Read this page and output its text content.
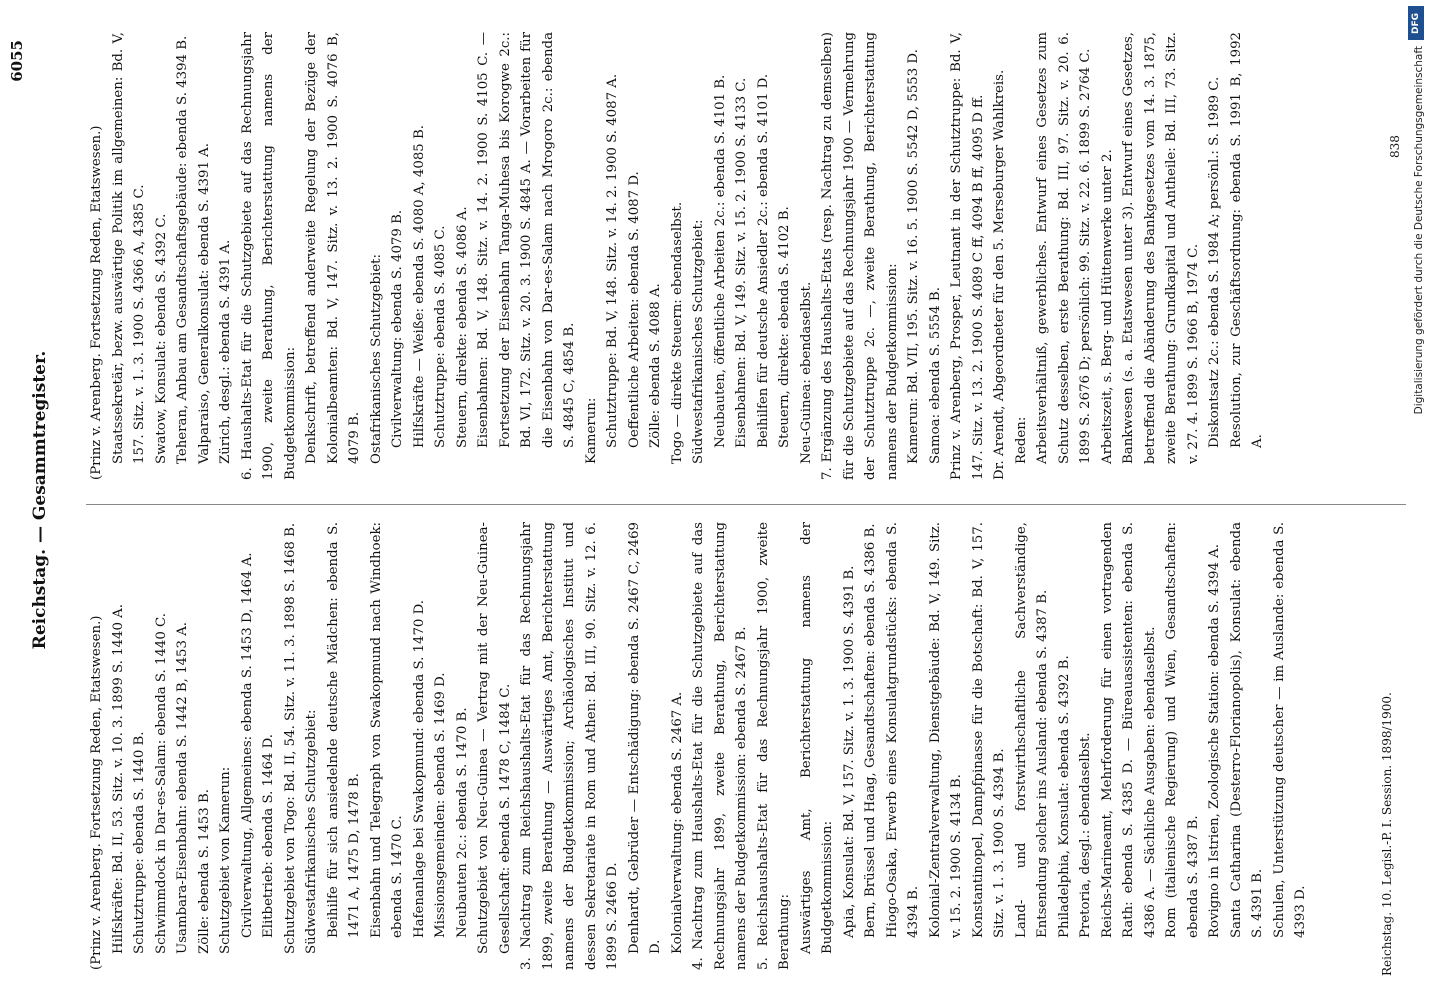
Reichstag. — Gesammtregister.
6055

(Prinz v. Arenberg. Fortsetzung Reden, Etatswesen.) Hilfskräfte: Bd. II, 53. Sitz. v. 10. 3. 1899 S. 1440 A. Schutztruppe: ebenda S. 1440 B. Schwimmdock in Dar-es-Salam: ebenda S. 1440 C. Usambara-Eisenbahn: ebenda S. 1442 B, 1453 A. Zölle: ebenda S. 1453 B. Schutzgebiet von Kamerun: Civilverwaltung, Allgemeines: ebenda S. 1453 D, 1464 A. Elitbetrieb: ebenda S. 1464 D. Schutzgebiet von Togo: Bd. II, 54. Sitz. v. 11. 3. 1898 S. 1468 B. Südwestafrikanisches Schutzgebiet: Beihilfe für sich ansiedelnde deutsche Mädchen: ebenda S. 1471 A, 1475 D, 1478 B. Eisenbahn und Telegraph von Swakopmund nach Windhoek: ebenda S. 1470 C. Hafenanlage bei Swakopmund: ebenda S. 1470 D. Missionsgemeinden: ebenda S. 1469 D. Neubauten 2c.: ebenda S. 1470 B. Schutzgebiet von Neu-Guinea — Vertrag mit der Neu-Guinea-Gesellschaft: ebenda S. 1478 C, 1484 C. 3. Nachtrag zum Reichshaushalts-Etat für das Rechnungsjahr 1899, zweite Berathung — Auswärtiges Amt, Berichterstattung namens der Budgetkommission; Archäologisches Institut und dessen Sekretariate in Rom und Athen: Bd. III, 90. Sitz. v. 12. 6. 1899 S. 2466 D. Denhardt, Gebrüder — Entschädigung: ebenda S. 2467 C, 2469 D. Kolonialverwaltung: ebenda S. 2467 A. 4. Nachtrag zum Haushalts-Etat für die Schutzgebiete auf das Rechnungsjahr 1899, zweite Berathung, Berichterstattung namens der Budgetkommission: ebenda S. 2467 B. 5. Reichshaushalts-Etat für das Rechnungsjahr 1900, zweite Berathung: Auswärtiges Amt, Berichterstattung namens der Budgetkommission: Apia, Konsulat: Bd. V, 157. Sitz. v. 1. 3. 1900 S. 4391 B. Bern, Brüssel und Haag, Gesandtschaften: ebenda S. 4386 B. Hiogo-Osaka, Erwerb eines Konsulatgrundstücks: ebenda S. 4394 B. Kolonial-Zentralverwaltung, Dienstgebäude: Bd. V, 149. Sitz. v. 15. 2. 1900 S. 4134 B. Konstantinopel, Dampfpinasse für die Botschaft: Bd. V, 157. Sitz. v. 1. 3. 1900 S. 4394 B. Land- und forstwirthschaftliche Sachverständige, Entsendung solcher ins Ausland: ebenda S. 4387 B. Philadelphia, Konsulat: ebenda S. 4392 B. Pretoria, desgl.: ebendaselbst. Reichs-Marineamt, Mehrforderung für einen vortragenden Rath: ebenda S. 4385 D. — Büreauassistenten: ebenda S. 4386 A. — Sächliche Ausgaben: ebendaselbst. Rom (italienische Regierung) und Wien, Gesandtschaften: ebenda S. 4387 B. Rovigno in Istrien, Zoologische Station: ebenda S. 4394 A. Santa Catharina (Desterro-Florianopolis), Konsulat: ebenda S. 4391 B. Schulen, Unterstützung deutscher — im Auslande: ebenda S. 4393 D.

(Prinz v. Arenberg. Fortsetzung Reden, Etatswesen.) Staatssekretär, bezw. auswärtige Politik im allgemeinen: Bd. V, 157. Sitz. v. 1. 3. 1900 S. 4366 A, 4385 C. Swatow, Konsulat: ebenda S. 4392 C. Teheran, Anbau am Gesandtschaftsgebäude: ebenda S. 4394 B. Valparaiso, Generalkonsulat: ebenda S. 4391 A. Zürich, desgl.: ebenda S. 4391 A. 6. Haushalts-Etat für die Schutzgebiete auf das Rechnungsjahr 1900, zweite Berathung, Berichterstattung namens der Budgetkommission: Denkschrift, betreffend anderweite Regelung der Bezüge der Kolonialbeamten: Bd. V, 147. Sitz. v. 13. 2. 1900 S. 4076 B, 4079 B. Ostafrikanisches Schutzgebiet: Civilverwaltung: ebenda S. 4079 B. Hilfskräfte — Weiße: ebenda S. 4080 A, 4085 B. Schutztruppe: ebenda S. 4085 C. Steuern, direkte: ebenda S. 4086 A. Eisenbahnen: Bd. V, 148. Sitz. v. 14. 2. 1900 S. 4105 C. — Fortsetzung der Eisenbahn Tanga-Muhesa bis Korogwe 2c.: Bd. VI, 172. Sitz. v. 20. 3. 1900 S. 4845 A. — Vorarbeiten für die Eisenbahn von Dar-es-Salam nach Mrogoro 2c.: ebenda S. 4845 C, 4854 B. Kamerun: Schutztruppe: Bd. V, 148. Sitz. v. 14. 2. 1900 S. 4087 A. Oeffentliche Arbeiten: ebenda S. 4087 D. Zölle: ebenda S. 4088 A. Togo — direkte Steuern: ebendaselbst. Südwestafrikanisches Schutzgebiet: Neubauten, öffentliche Arbeiten 2c.: ebenda S. 4101 B. Eisenbahnen: Bd. V, 149. Sitz. v. 15. 2. 1900 S. 4133 C. Beihilfen für deutsche Ansiedler 2c.: ebenda S. 4101 D. Steuern, direkte: ebenda S. 4102 B. Neu-Guinea: ebendaselbst. 7. Ergänzung des Haushalts-Etats (resp. Nachtrag zu demselben) für die Schutzgebiete auf das Rechnungsjahr 1900 — Vermehrung der Schutztruppe 2c. —, zweite Berathung, Berichterstattung namens der Budgetkommission: Kamerun: Bd. VII, 195. Sitz. v. 16. 5. 1900 S. 5542 D, 5553 D. Samoa: ebenda S. 5554 B. Prinz v. Arenberg, Prosper, Leutnant in der Schutztruppe: Bd. V, 147. Sitz. v. 13. 2. 1900 S. 4089 C ff, 4094 B ff, 4095 D ff. Dr. Arendt, Abgeordneter für den 5. Merseburger Wahlkreis. Reden: Arbeitsverhältniß, gewerbliches. Entwurf eines Gesetzes zum Schutz desselben, erste Berathung: Bd. III, 97. Sitz. v. 20. 6. 1899 S. 2676 D; persönlich: 99. Sitz. v. 22. 6. 1899 S. 2764 C. Arbeitszeit, s. Berg- und Hüttenwerke unter 2. Bankwesen (s. a. Etatswesen unter 3). Entwurf eines Gesetzes, betreffend die Abänderung des Bankgesetzes vom 14. 3. 1875, zweite Berathung: Grundkapital und Antheile: Bd. III, 73. Sitz. v. 27. 4. 1899 S. 1966 B, 1974 C. Diskontsatz 2c.: ebenda S. 1984 A; persönl.: S. 1989 C. Resolution, zur Geschäftsordnung: ebenda S. 1991 B, 1992 A.

Reichstag. 10. Legisl.-P. I. Session. 1898/1900.
838
DFG
Digitalisierung gefördert durch die Deutsche Forschungsgemeinschaft
